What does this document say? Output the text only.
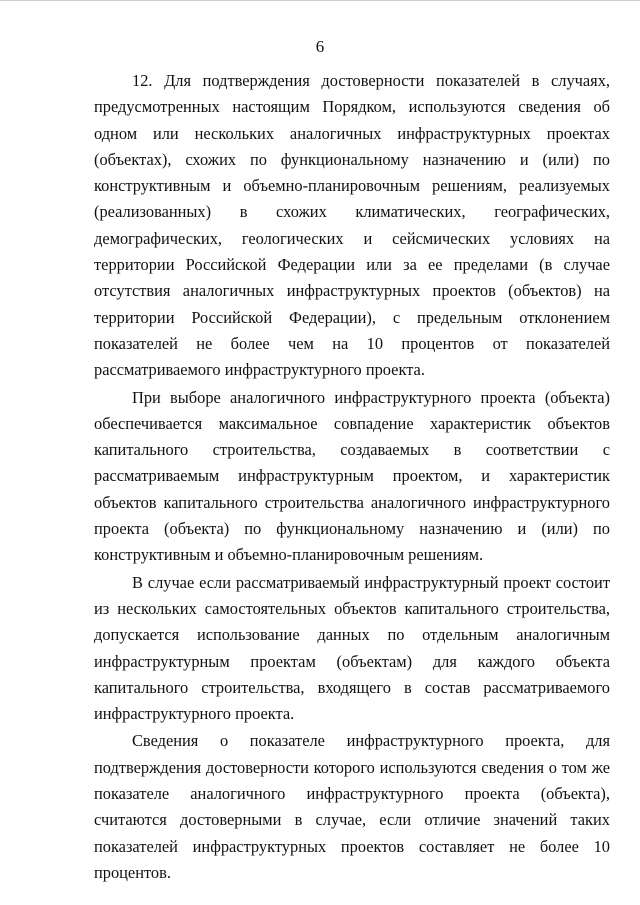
6

12. Для подтверждения достоверности показателей в случаях, предусмотренных настоящим Порядком, используются сведения об одном или нескольких аналогичных инфраструктурных проектах (объектах), схожих по функциональному назначению и (или) по конструктивным и объемно-планировочным решениям, реализуемых (реализованных) в схожих климатических, географических, демографических, геологических и сейсмических условиях на территории Российской Федерации или за ее пределами (в случае отсутствия аналогичных инфраструктурных проектов (объектов) на территории Российской Федерации), с предельным отклонением показателей не более чем на 10 процентов от показателей рассматриваемого инфраструктурного проекта.

При выборе аналогичного инфраструктурного проекта (объекта) обеспечивается максимальное совпадение характеристик объектов капитального строительства, создаваемых в соответствии с рассматриваемым инфраструктурным проектом, и характеристик объектов капитального строительства аналогичного инфраструктурного проекта (объекта) по функциональному назначению и (или) по конструктивным и объемно-планировочным решениям.

В случае если рассматриваемый инфраструктурный проект состоит из нескольких самостоятельных объектов капитального строительства, допускается использование данных по отдельным аналогичным инфраструктурным проектам (объектам) для каждого объекта капитального строительства, входящего в состав рассматриваемого инфраструктурного проекта.

Сведения о показателе инфраструктурного проекта, для подтверждения достоверности которого используются сведения о том же показателе аналогичного инфраструктурного проекта (объекта), считаются достоверными в случае, если отличие значений таких показателей инфраструктурных проектов составляет не более 10 процентов.
